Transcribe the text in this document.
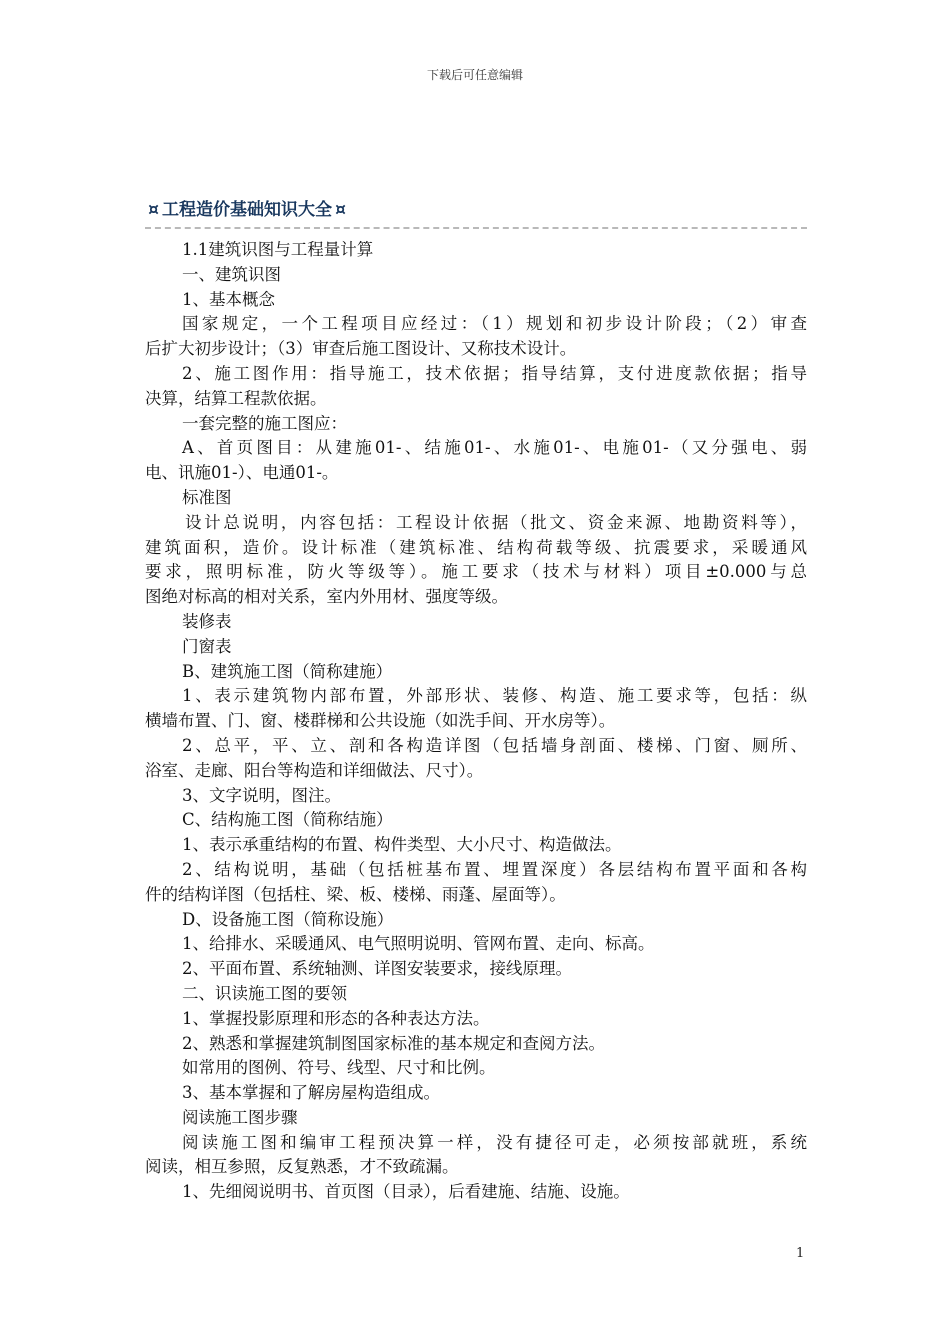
下载后可任意编辑
¤ 工程造价基础知识大全 ¤
1.1建筑识图与工程量计算
一、建筑识图
1、基本概念
国家规定，一个工程项目应经过：（1）规划和初步设计阶段；（2）审查
后扩大初步设计；（3）审查后施工图设计、又称技术设计。
2、施工图作用：指导施工，技术依据；指导结算，支付进度款依据；指导
决算，结算工程款依据。
一套完整的施工图应：
A、首页图目：从建施01-、结施01-、水施01-、电施01-（又分强电、弱
电、讯施01-）、电通01-。
标准图
设计总说明，内容包括：工程设计依据（批文、资金来源、地勘资料等），
建筑面积，造价。设计标准（建筑标准、结构荷载等级、抗震要求，采暖通风
要求，照明标准，防火等级等）。施工要求（技术与材料）项目±0.000与总
图绝对标高的相对关系，室内外用材、强度等级。
装修表
门窗表
B、建筑施工图（简称建施）
1、表示建筑物内部布置，外部形状、装修、构造、施工要求等，包括：纵
横墙布置、门、窗、楼群梯和公共设施（如洗手间、开水房等）。
2、总平，平、立、剖和各构造详图（包括墙身剖面、楼梯、门窗、厕所、
浴室、走廊、阳台等构造和详细做法、尺寸）。
3、文字说明，图注。
C、结构施工图（简称结施）
1、表示承重结构的布置、构件类型、大小尺寸、构造做法。
2、结构说明，基础（包括桩基布置、埋置深度）各层结构布置平面和各构
件的结构详图（包括柱、梁、板、楼梯、雨蓬、屋面等）。
D、设备施工图（简称设施）
1、给排水、采暖通风、电气照明说明、管网布置、走向、标高。
2、平面布置、系统轴测、详图安装要求，接线原理。
二、识读施工图的要领
1、掌握投影原理和形态的各种表达方法。
2、熟悉和掌握建筑制图国家标准的基本规定和查阅方法。
如常用的图例、符号、线型、尺寸和比例。
3、基本掌握和了解房屋构造组成。
阅读施工图步骤
阅读施工图和编审工程预决算一样，没有捷径可走，必须按部就班，系统
阅读，相互参照，反复熟悉，才不致疏漏。
1、先细阅说明书、首页图（目录），后看建施、结施、设施。
1
